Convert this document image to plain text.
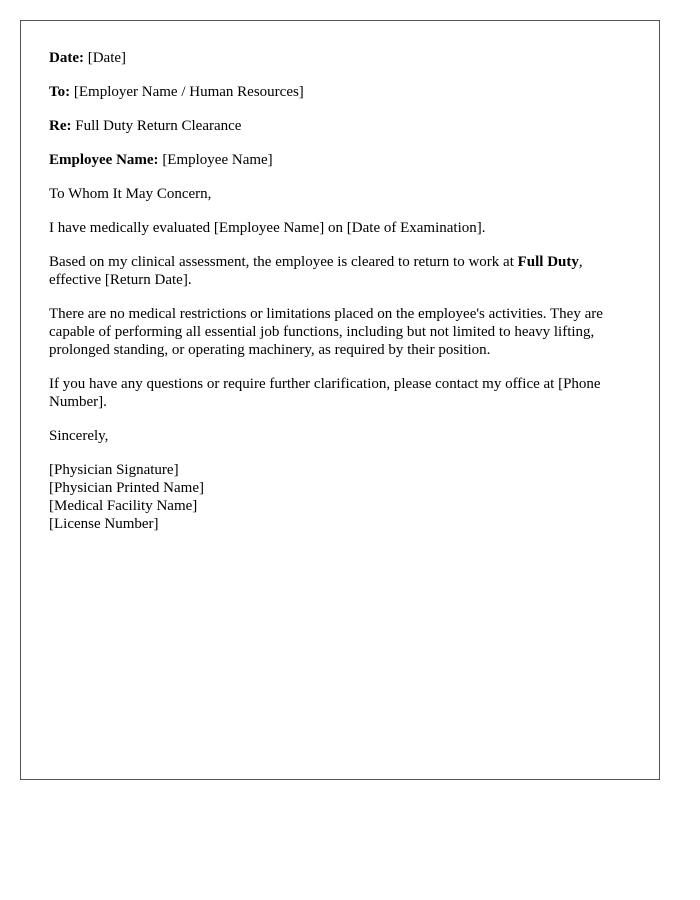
Date: [Date]

To: [Employer Name / Human Resources]

Re: Full Duty Return Clearance

Employee Name: [Employee Name]

To Whom It May Concern,

I have medically evaluated [Employee Name] on [Date of Examination].

Based on my clinical assessment, the employee is cleared to return to work at Full Duty, effective [Return Date].

There are no medical restrictions or limitations placed on the employee's activities. They are capable of performing all essential job functions, including but not limited to heavy lifting, prolonged standing, or operating machinery, as required by their position.

If you have any questions or require further clarification, please contact my office at [Phone Number].

Sincerely,

[Physician Signature]
[Physician Printed Name]
[Medical Facility Name]
[License Number]
